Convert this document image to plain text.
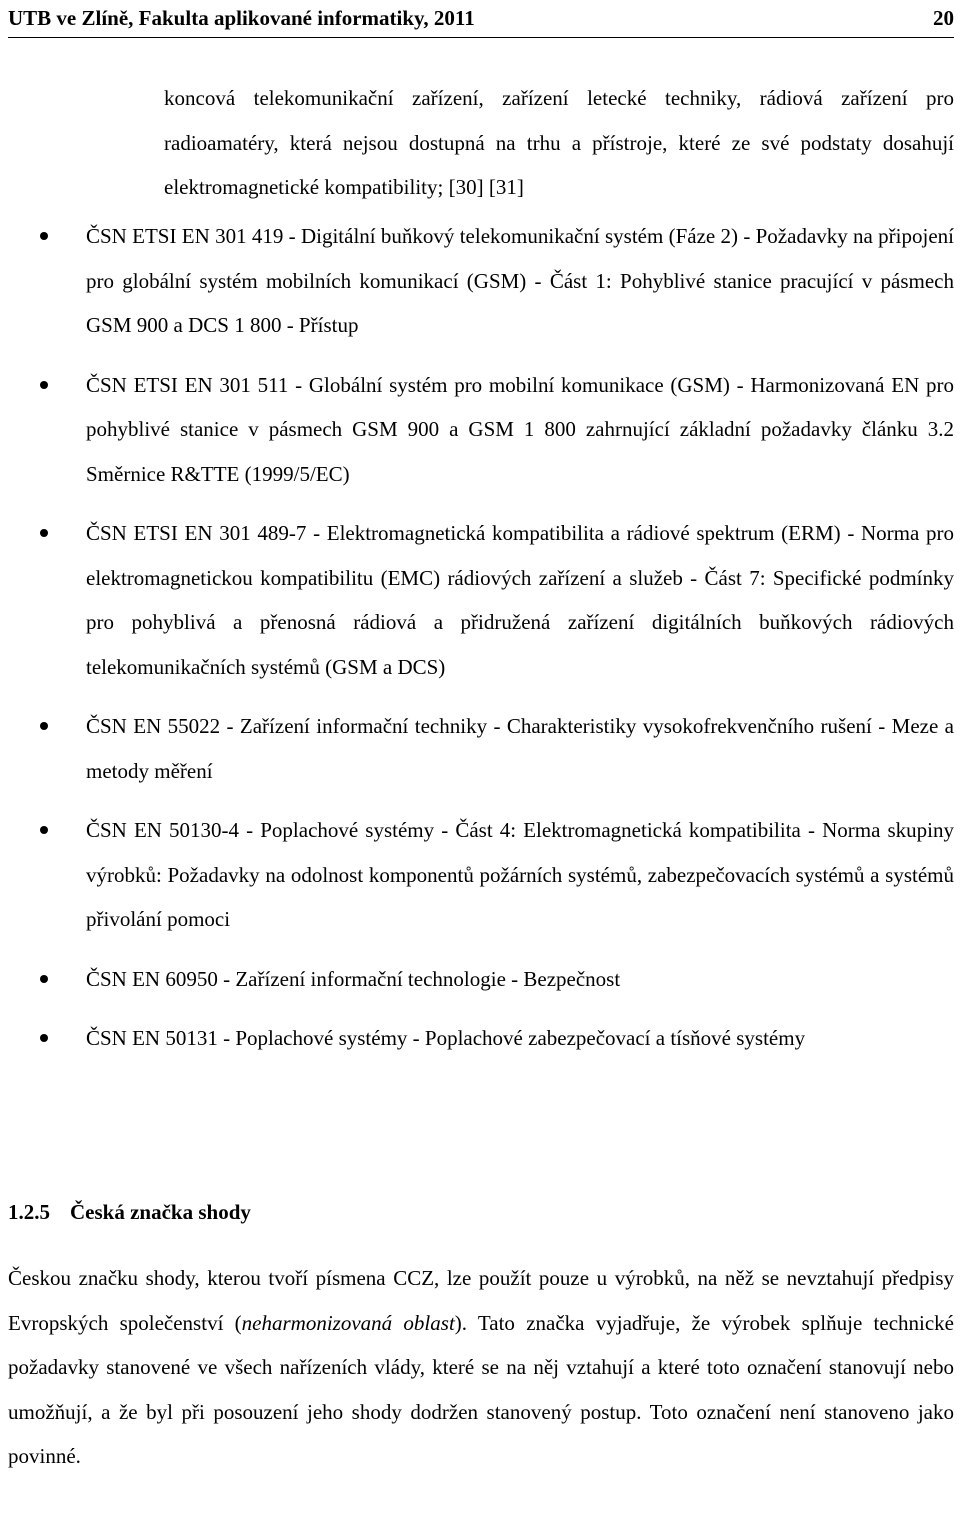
UTB ve Zlíně, Fakulta aplikované informatiky, 2011	20
koncová telekomunikační zařízení, zařízení letecké techniky, rádiová zařízení pro radioamatéry, která nejsou dostupná na trhu a přístroje, které ze své podstaty dosahují elektromagnetické kompatibility; [30] [31]
ČSN ETSI EN 301 419 - Digitální buňkový telekomunikační systém (Fáze 2) - Požadavky na připojení pro globální systém mobilních komunikací (GSM) - Část 1: Pohyblivé stanice pracující v pásmech GSM 900 a DCS 1 800 - Přístup
ČSN ETSI EN 301 511 - Globální systém pro mobilní komunikace (GSM) - Harmonizovaná EN pro pohyblivé stanice v pásmech GSM 900 a GSM 1 800 zahrnující základní požadavky článku 3.2 Směrnice R&TTE (1999/5/EC)
ČSN ETSI EN 301 489-7 - Elektromagnetická kompatibilita a rádiové spektrum (ERM) - Norma pro elektromagnetickou kompatibilitu (EMC) rádiových zařízení a služeb - Část 7: Specifické podmínky pro pohyblivá a přenosná rádiová a přidružená zařízení digitálních buňkových rádiových telekomunikačních systémů (GSM a DCS)
ČSN EN 55022 - Zařízení informační techniky - Charakteristiky vysokofrekvenčního rušení - Meze a metody měření
ČSN EN 50130-4 - Poplachové systémy - Část 4: Elektromagnetická kompatibilita - Norma skupiny výrobků: Požadavky na odolnost komponentů požárních systémů, zabezpečovacích systémů a systémů přivolání pomoci
ČSN EN 60950 - Zařízení informační technologie - Bezpečnost
ČSN EN 50131 - Poplachové systémy - Poplachové zabezpečovací a tísňové systémy
1.2.5 Česká značka shody
Českou značku shody, kterou tvoří písmena CCZ, lze použít pouze u výrobků, na něž se nevztahují předpisy Evropských společenství (neharmonizovaná oblast). Tato značka vyjadřuje, že výrobek splňuje technické požadavky stanovené ve všech nařízeních vlády, které se na něj vztahují a které toto označení stanovují nebo umožňují, a že byl při posouzení jeho shody dodržen stanovený postup. Toto označení není stanoveno jako povinné.
